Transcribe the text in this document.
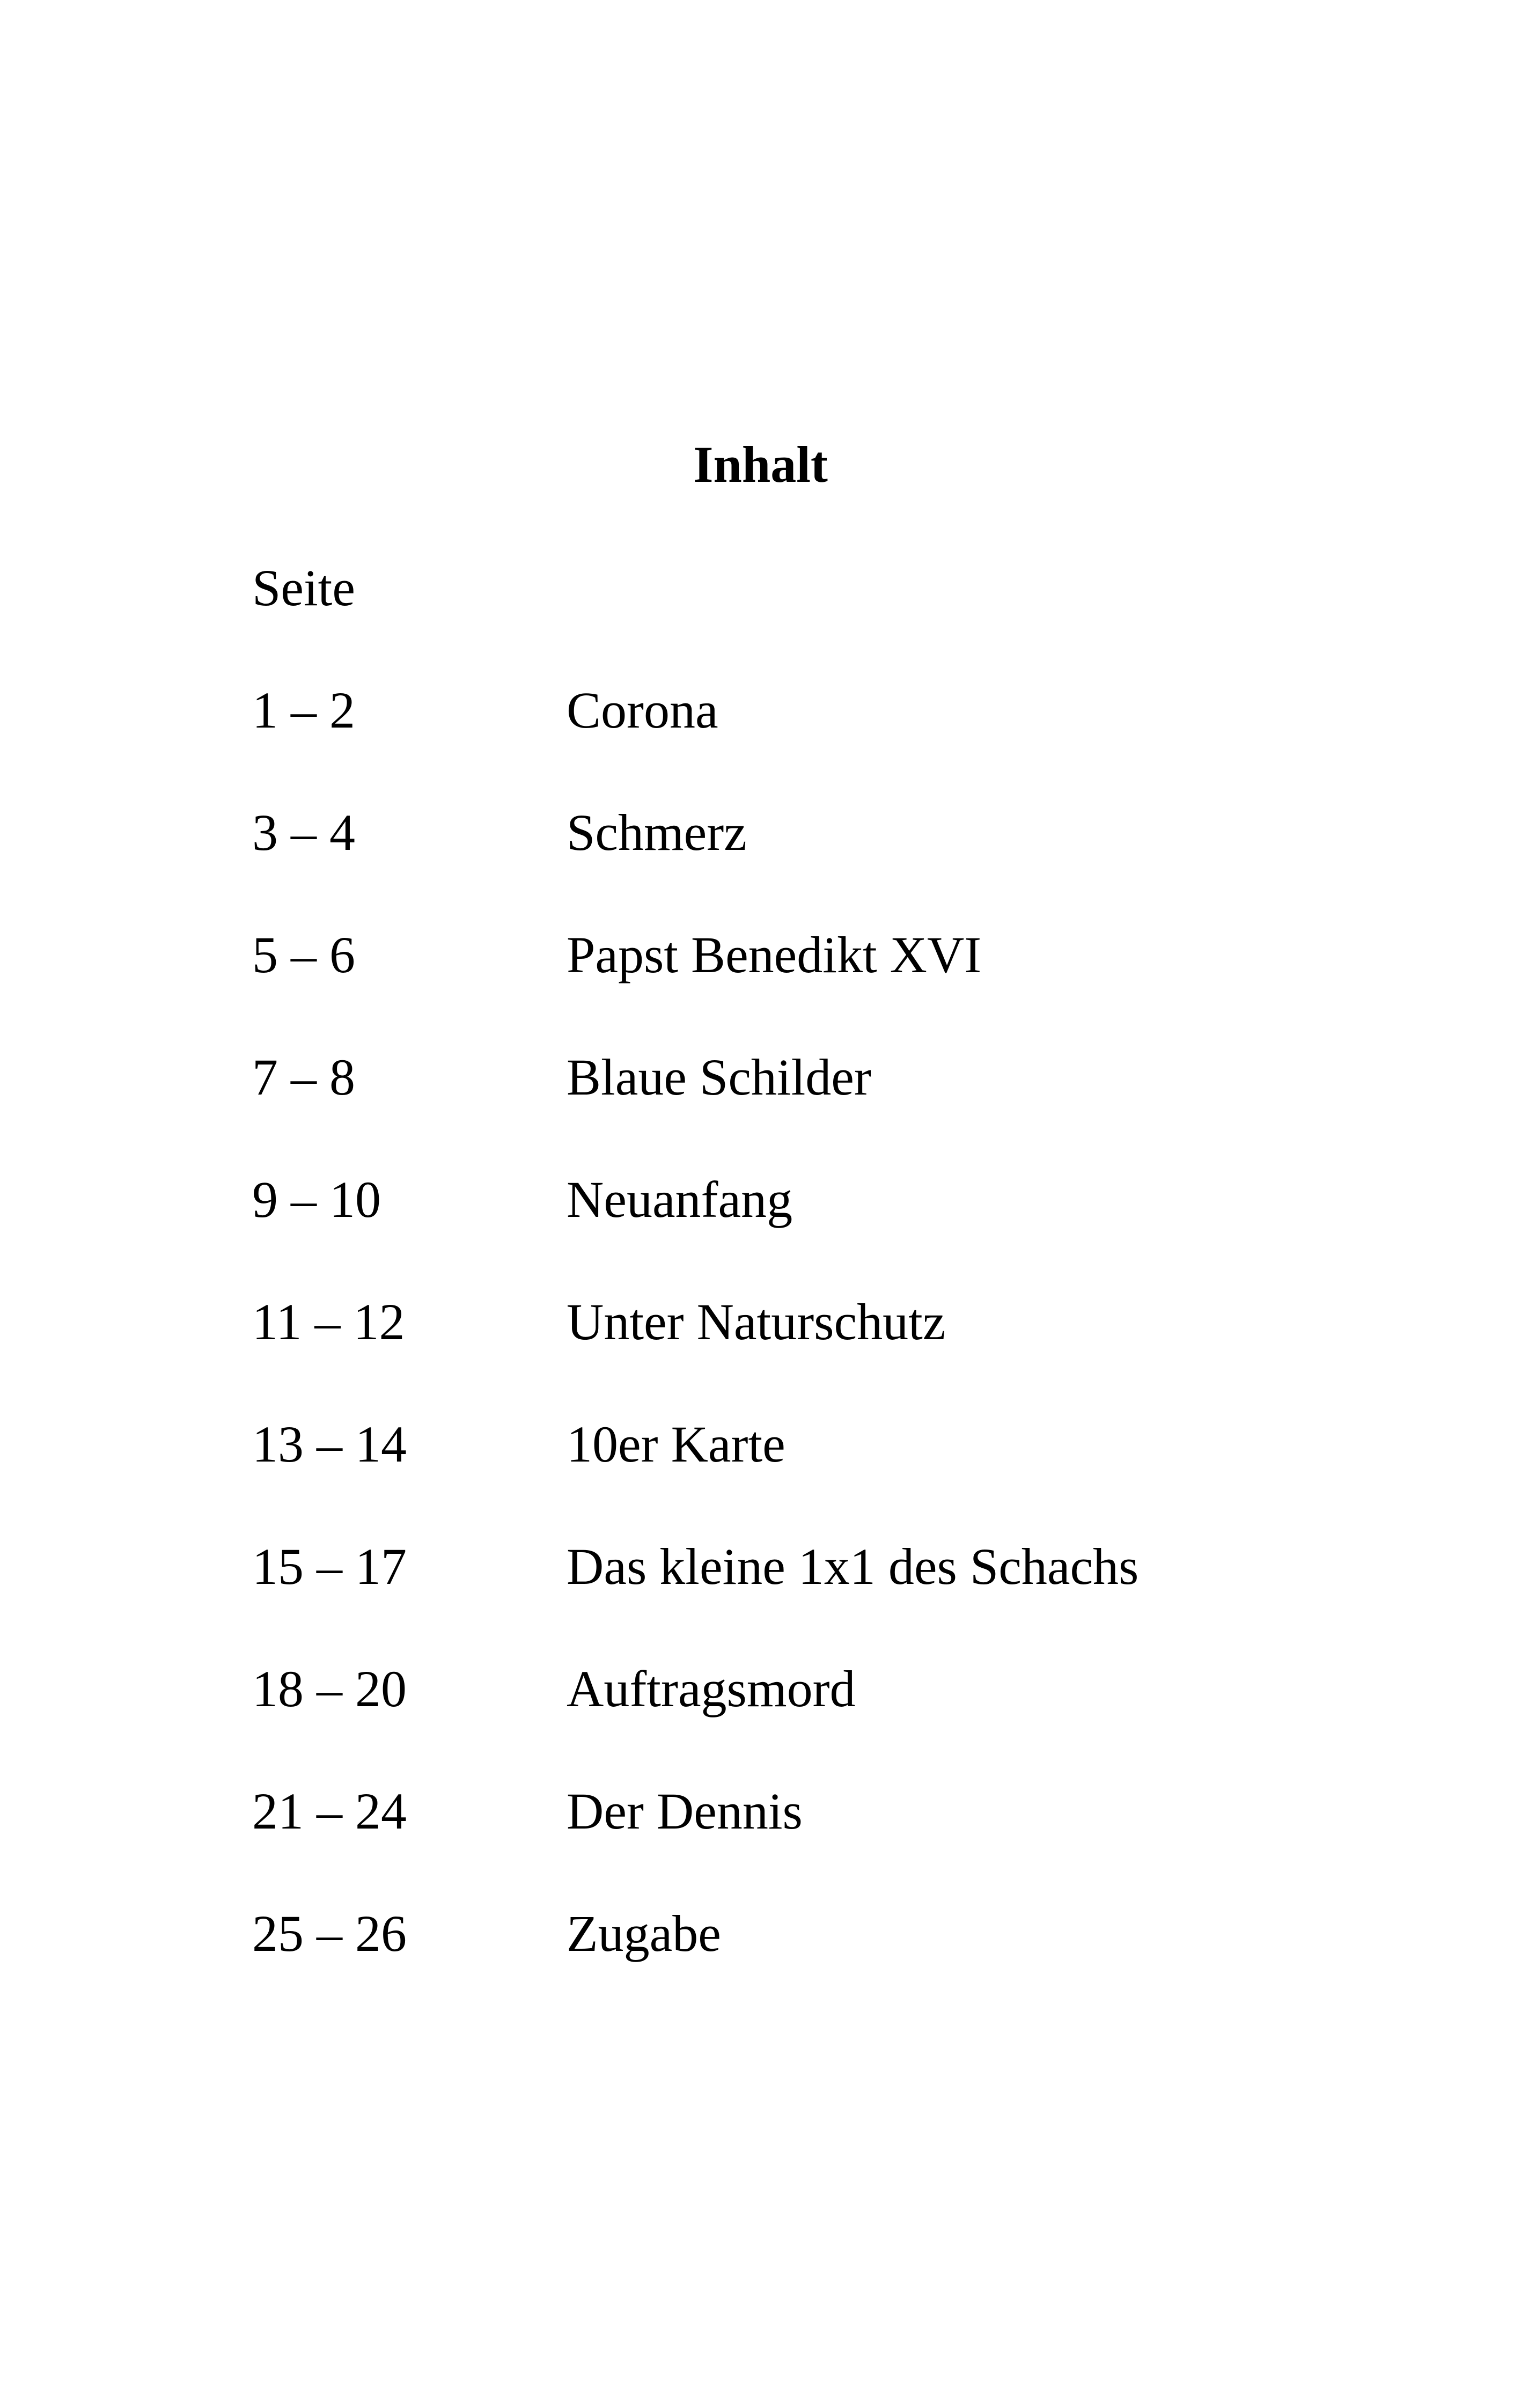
Inhalt
Seite
1 – 2	Corona
3 – 4	Schmerz
5 – 6	Papst Benedikt XVI
7 – 8	Blaue Schilder
9 – 10	Neuanfang
11 – 12	Unter Naturschutz
13 – 14	10er Karte
15 – 17	Das kleine 1x1 des Schachs
18 – 20	Auftragsmord
21 – 24	Der Dennis
25 – 26	Zugabe
